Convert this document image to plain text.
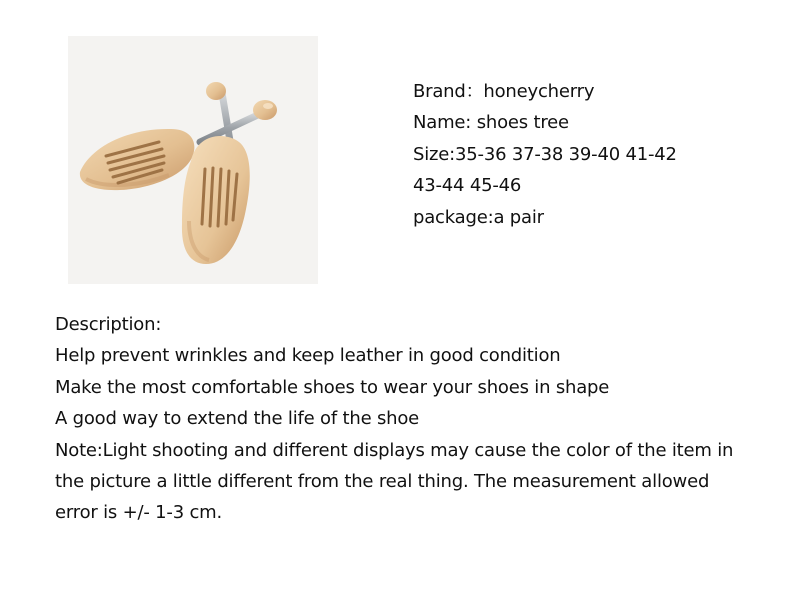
Brand：honeycherry

Name: shoes tree

Size:35-36 37-38 39-40 41-42

43-44 45-46

package:a pair

Description:

Help prevent wrinkles and keep leather in good condition

Make the most comfortable shoes to wear your shoes in shape

A good way to extend the life of the shoe

Note:Light shooting and different displays may cause the color of the item in the picture a little different from the real thing. The measurement allowed error is +/- 1-3 cm.
